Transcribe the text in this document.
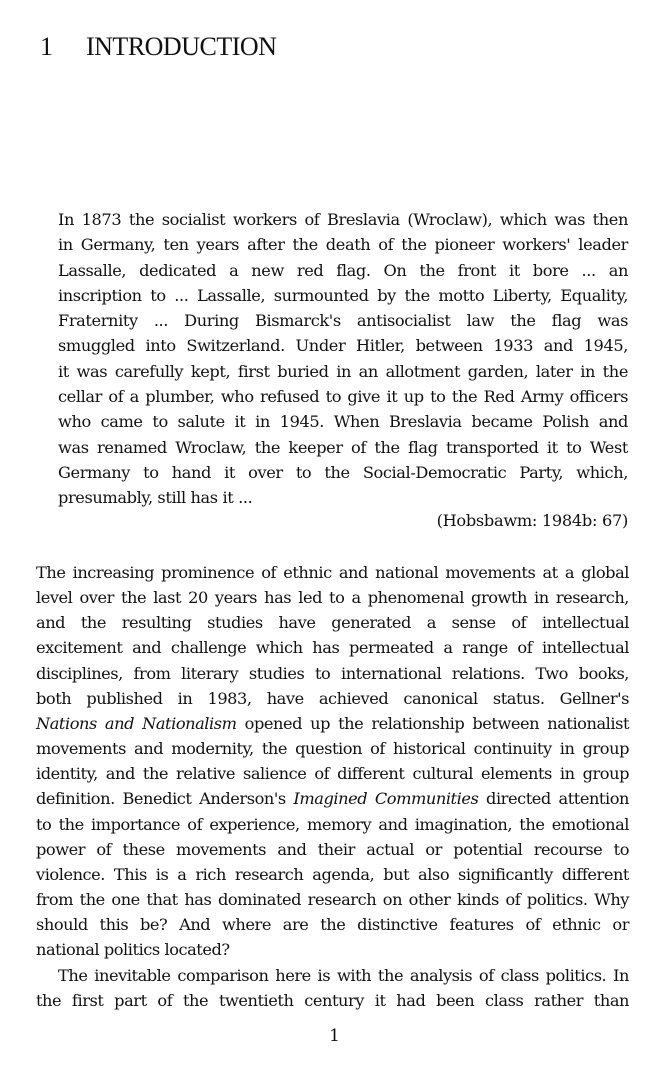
1 INTRODUCTION
In 1873 the socialist workers of Breslavia (Wroclaw), which was then
in Germany, ten years after the death of the pioneer workers' leader
Lassalle, dedicated a new red flag. On the front it bore ... an
inscription to ... Lassalle, surmounted by the motto Liberty, Equality,
Fraternity ... During Bismarck's antisocialist law the flag was
smuggled into Switzerland. Under Hitler, between 1933 and 1945,
it was carefully kept, first buried in an allotment garden, later in the
cellar of a plumber, who refused to give it up to the Red Army officers
who came to salute it in 1945. When Breslavia became Polish and
was renamed Wroclaw, the keeper of the flag transported it to West
Germany to hand it over to the Social-Democratic Party, which,
presumably, still has it ...
(Hobsbawm: 1984b: 67)
The increasing prominence of ethnic and national movements at a global
level over the last 20 years has led to a phenomenal growth in research,
and the resulting studies have generated a sense of intellectual
excitement and challenge which has permeated a range of intellectual
disciplines, from literary studies to international relations. Two books,
both published in 1983, have achieved canonical status. Gellner's
Nations and Nationalism opened up the relationship between nationalist
movements and modernity, the question of historical continuity in group
identity, and the relative salience of different cultural elements in group
definition. Benedict Anderson's Imagined Communities directed attention
to the importance of experience, memory and imagination, the emotional
power of these movements and their actual or potential recourse to
violence. This is a rich research agenda, but also significantly different
from the one that has dominated research on other kinds of politics. Why
should this be? And where are the distinctive features of ethnic or
national politics located?
The inevitable comparison here is with the analysis of class politics. In
the first part of the twentieth century it had been class rather than
1
